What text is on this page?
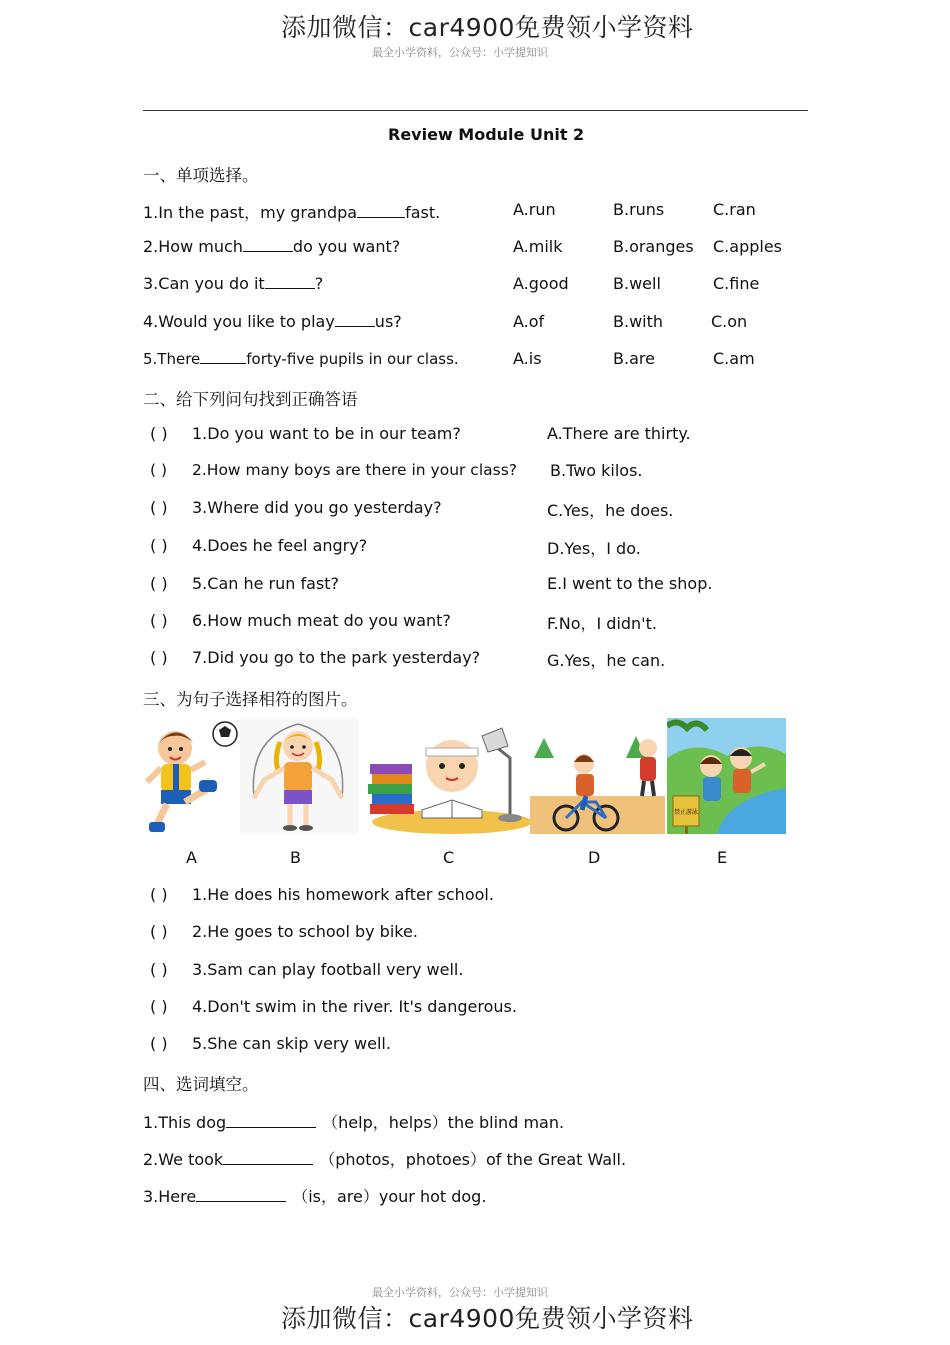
添加微信：car4900免费领小学资料
最全小学资料，公众号：小学提知识
Review Module Unit 2
一、单项选择。
1.In the past，my grandpa	fast.	A.run	B.runs	C.ran
2.How much	do you want?	A.milk	B.oranges C.apples
3.Can you do it	?	A.good	B.well	C.fine
4.Would you like to play	us?	A.of	B.with	C.on
5.There	forty-five pupils in our class.	A.is	B.are	C.am
二、给下列问句找到正确答语
( ) 1.Do you want to be in our team?	A.There are thirty.
( ) 2.How many boys are there in your class? B.Two kilos.
( ) 3.Where did you go yesterday?	C.Yes，he does.
( ) 4.Does he feel angry?	D.Yes，I do.
( ) 5.Can he run fast?	E.I went to the shop.
( ) 6.How much meat do you want?	F.No，I didn't.
( ) 7.Did you go to the park yesterday?	G.Yes，he can.
三、为句子选择相符的图片。
禁止游泳
A	B	C	D	E
( ) 1.He does his homework after school.
( ) 2.He goes to school by bike.
( ) 3.Sam can play football very well.
( ) 4.Don't swim in the river. It's dangerous.
( ) 5.She can skip very well.
四、选词填空。
1.This dog	（help，helps）the blind man.
2.We took	（photos，photoes）of the Great Wall.
3.Here	（is，are）your hot dog.
最全小学资料，公众号：小学提知识
添加微信：car4900免费领小学资料
